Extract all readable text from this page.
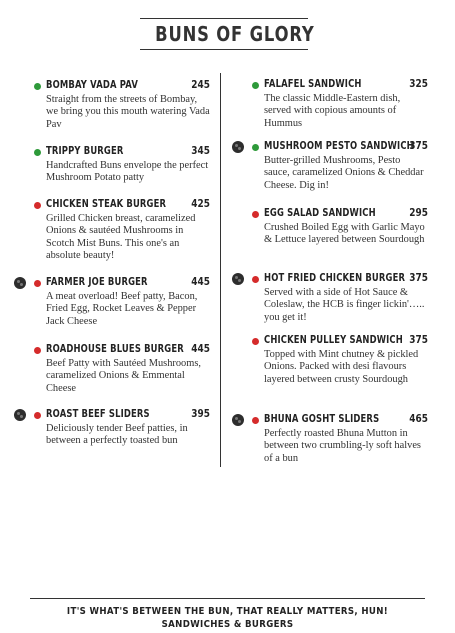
BUNS OF GLORY
BOMBAY VADA PAV	245

Straight from the streets of Bombay, we bring you this mouth watering Vada Pav

TRIPPY BURGER	345

Handcrafted Buns envelope the perfect Mushroom Potato patty

CHICKEN STEAK BURGER 425

Grilled Chicken breast, caramelized Onions & sautéed Mushrooms in Scotch Mist Buns. This one's an absolute beauty!

FARMER JOE BURGER	445

A meat overload! Beef patty, Bacon, Fried Egg, Rocket Leaves & Pepper Jack Cheese

ROADHOUSE BLUES BURGER 445

Beef Patty with Sautéed Mushrooms, caramelized Onions & Emmental Cheese

ROAST BEEF SLIDERS	395

Deliciously tender Beef patties, in between a perfectly toasted bun

FALAFEL SANDWICH	325

The classic Middle-Eastern dish, served with copious amounts of Hummus

MUSHROOM PESTO SANDWICH
375

Butter-grilled Mushrooms, Pesto sauce, caramelized Onions & Cheddar Cheese. Dig in!

EGG SALAD SANDWICH	295

Crushed Boiled Egg with Garlic Mayo & Lettuce layered between Sourdough

HOT FRIED CHICKEN BURGER 375

Served with a side of Hot Sauce & Coleslaw, the HCB is finger lickin'….. you get it!

CHICKEN PULLEY SANDWICH 375

Topped with Mint chutney & pickled Onions. Packed with desi flavours layered between crusty Sourdough

BHUNA GOSHT SLIDERS	465

Perfectly roasted Bhuna Mutton in between two crumbling-ly soft halves of a bun

IT'S WHAT'S BETWEEN THE BUN, THAT REALLY MATTERS, HUN!
SANDWICHES & BURGERS
